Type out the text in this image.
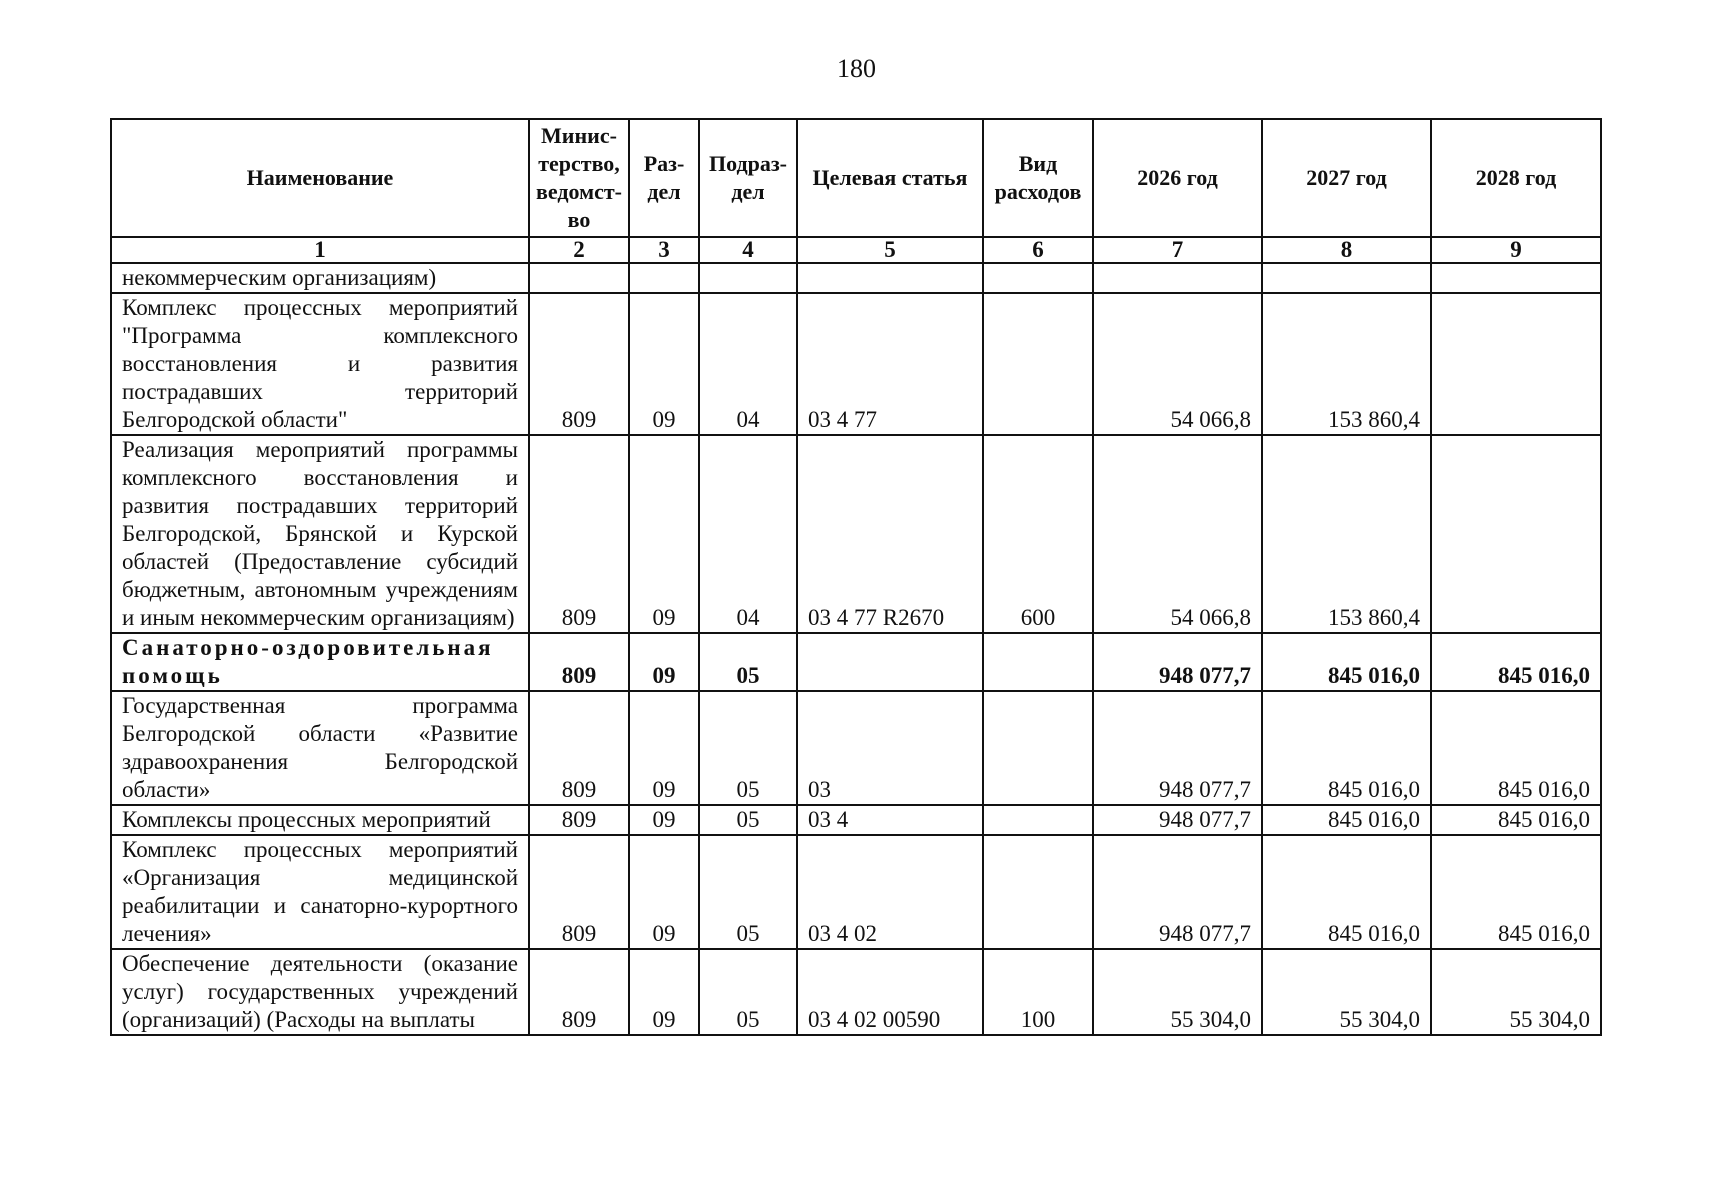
180
Наименование	Минис-терство, ведомст-во	Раз-дел	Подраз-дел	Целевая статья	Вид расходов	2026 год	2027 год	2028 год
1	2	3	4	5	6	7	8	9
некоммерческим организациям)								
Комплекс процессных мероприятий "Программа комплексного восстановления и развития пострадавших территорий Белгородской области"	809	09	04	03 4 77		54 066,8	153 860,4	
Реализация мероприятий программы комплексного восстановления и развития пострадавших территорий Белгородской, Брянской и Курской областей (Предоставление субсидий бюджетным, автономным учреждениям и иным некоммерческим организациям)	809	09	04	03 4 77 R2670	600	54 066,8	153 860,4	
Санаторно-оздоровительная помощь	809	09	05			948 077,7	845 016,0	845 016,0
Государственная программа Белгородской области «Развитие здравоохранения Белгородской области»	809	09	05	03		948 077,7	845 016,0	845 016,0
Комплексы процессных мероприятий	809	09	05	03 4		948 077,7	845 016,0	845 016,0
Комплекс процессных мероприятий «Организация медицинской реабилитации и санаторно-курортного лечения»	809	09	05	03 4 02		948 077,7	845 016,0	845 016,0
Обеспечение деятельности (оказание услуг) государственных учреждений (организаций) (Расходы на выплаты	809	09	05	03 4 02 00590	100	55 304,0	55 304,0	55 304,0
